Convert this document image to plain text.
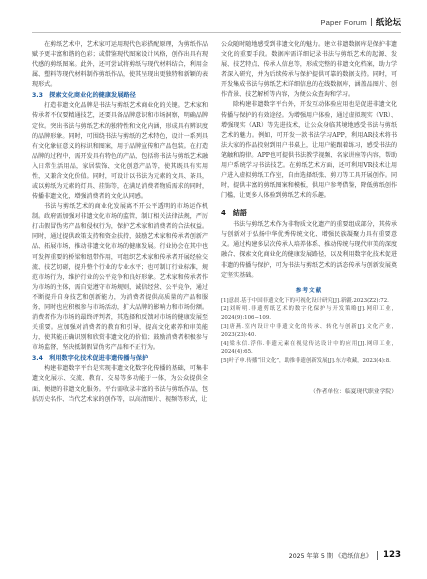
Paper Forum 纸论坛

在剪纸艺术中，艺术家可运用现代色彩搭配原理，为剪纸作品赋予更丰富和谐的色彩；或借鉴现代图案设计风格，创作出具有现代感的剪纸图案。此外，还可尝试将剪纸与现代材料结合，利用金属、塑料等现代材料制作剪纸作品，使其呈现出更独特和新颖的表现形式。

3.3　探索文化商业化的健康发展路径

打造非遗文化品牌是书法与剪纸艺术商业化的关键。艺术家和传承者不仅要精通技艺，还要具备品牌意识和市场洞察，明确品牌定位。突出书法与剪纸艺术的独特性和文化内涵，形成具有辨识度的品牌形象。同时，可围绕书法与剪纸的艺术特色，设计一系列具有文化象征意义的标识和图案，用于品牌宣传和产品包装。在打造品牌的过程中，需开发具有特色的产品，包括将书法与剪纸艺术融入日常生活用品，家居装饰、文化创意产品等，使其既具有实用性，又兼含文化价值。同时，可设计以书法为元素的文具、茶具，或以剪纸为元素的灯具、挂饰等，在满足消费者物质需求的同时，传播非遗文化，增强消费者的文化认同感。

书法与剪纸艺术的商业化发展离不开公平透明的市场运作机制。政府需加强对非遗文化市场的监管，制订相关法律法规，严厉打击假冒伪劣产品和侵权行为，保护艺术家和消费者的合法权益。同时，通过提供政策支持和资金扶持，鼓励艺术家和传承者创新产品、拓展市场，推动非遗文化市场的健康发展。行业协会在其中也可发挥重要的桥梁和纽带作用，可组织艺术家和传承者开展经验交流、技艺切磋，提升整个行业的专业水平；也可制订行业标准，规范市场行为，维护行业的公平竞争和良好形象。艺术家和传承者作为市场的主体，需自觉遵守市场规则，诚信经营、公平竞争，通过不断提升自身技艺和创新能力，为消费者提供高质量的产品和服务，同时也应积极参与市场活动，扩大品牌的影响力和市场份额。消费者作为市场的最终评判者，其选择和反馈对市场的健康发展至关重要。应加强对消费者的教育和引导，提高文化素养和审美能力，使其能正确识别和欣赏非遗文化的价值；鼓励消费者积极参与市场监督，坚决抵制假冒伪劣产品和不正行为。

3.4　利用数字化技术促进非遗传播与保护

构建非遗数字平台是实现非遗文化数字化传播的基础，可集非遗文化展示、交流、教育、交易等多功能于一体，为公众提供全面、便捷的非遗文化服务。平台需收录丰富的书法与剪纸作品，包括历史名作、当代艺术家的创作等，以高清图片、视频等形式，让

公众随时随地感受到非遗文化的魅力。建立非遗数据库是保护非遗文化的重要手段。数据库需详细记录书法与剪纸艺术的起源、发展、技艺特点、传承人信息等，形成完整的非遗文化档案，助力学者深入研究，并为后续传承与保护提供可靠的数据支持。同时，可开发集成书法与剪纸艺术详细信息的在线数据库，涵盖品图片、创作背景、技艺解析等内容，为便公众查询和学习。

除构建非遗数字平台外，开发互动体验应用也是促进非遗文化传播与保护的有效途径。为增强用户体验，通过虚拟现实（VR）、增强现实（AR）等先进技术，让公众身临其境地感受书法与剪纸艺术的魅力。例如，可开发一款书法学习APP，利用AR技术将书法大家的作品投射到用户书桌上，让用户能跟着练习，感受书法的笔触和韵律。APP也可提供书法教学视频、名家讲座等内容，帮助用户系统学习书法技艺。在剪纸艺术方面，还可利用VR技术让用户进入虚拟剪纸工作室，自由选择纸张、剪刀等工具开展创作。同时，提供丰富的剪纸图案和模板，供用户参考借鉴，降低剪纸创作门槛，让更多人体验到剪纸艺术的乐趣。

4　結語

书法与剪纸艺术作为非物质文化遗产的重要组成部分，其传承与创新对于弘扬中华优秀传统文化、增强民族凝聚力具有重要意义。通过构建多层次传承人培养体系、推动传统与现代审美的深度融合、探索文化商业化的健康发展路径，以及利用数字化技术促进非遗的传播与保护，可为书法与剪纸艺术的活态传承与创新发展奠定坚实基础。

参考文献
[1]意晨.基于中国非遗文化下的可视化设计研究[J].新疆.2023(Z2):72.
[2]刘昕明.非遗剪纸艺术的数字化保护与开发策略[J].网印工业，2024(9):106−109.
[3]唐燕.室内设计中非遗文化的传承、转化与创新[J].文化产业，2023(23):40.
[4]梁永信.浮伟.非遗元素在视觉传达设计中的应用[J].网印工业，2024(4):65.
[5]叶子申.传播“旧文化”，助推非遗创新发展[J].东方收藏，2023(4):8.
（作者单位：临夏现代职业学院）
2025 年第 5 期 《造纸信息》 123
